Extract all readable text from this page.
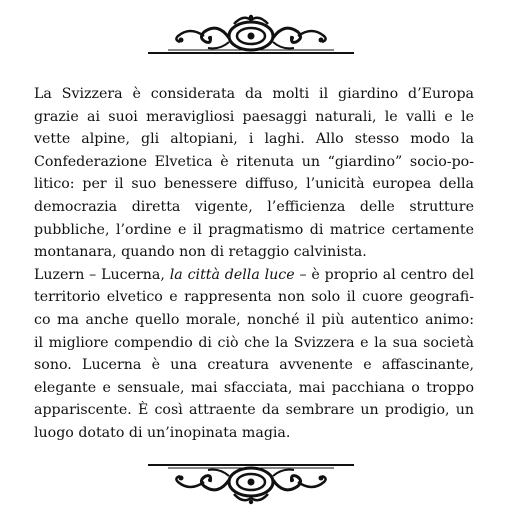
La Svizzera è considerata da molti il giardino d’Europa
grazie ai suoi meravigliosi paesaggi naturali, le valli e le
vette alpine, gli altopiani, i laghi. Allo stesso modo la
Confederazione Elvetica è ritenuta un “giardino” socio-po-
litico: per il suo benessere diffuso, l’unicità europea della
democrazia diretta vigente, l’efficienza delle strutture
pubbliche, l’ordine e il pragmatismo di matrice certamente
montanara, quando non di retaggio calvinista.
Luzern – Lucerna, la città della luce – è proprio al centro del
territorio elvetico e rappresenta non solo il cuore geografi-
co ma anche quello morale, nonché il più autentico animo:
il migliore compendio di ciò che la Svizzera e la sua società
sono. Lucerna è una creatura avvenente e affascinante,
elegante e sensuale, mai sfacciata, mai pacchiana o troppo
appariscente. È così attraente da sembrare un prodigio, un
luogo dotato di un’inopinata magia.
